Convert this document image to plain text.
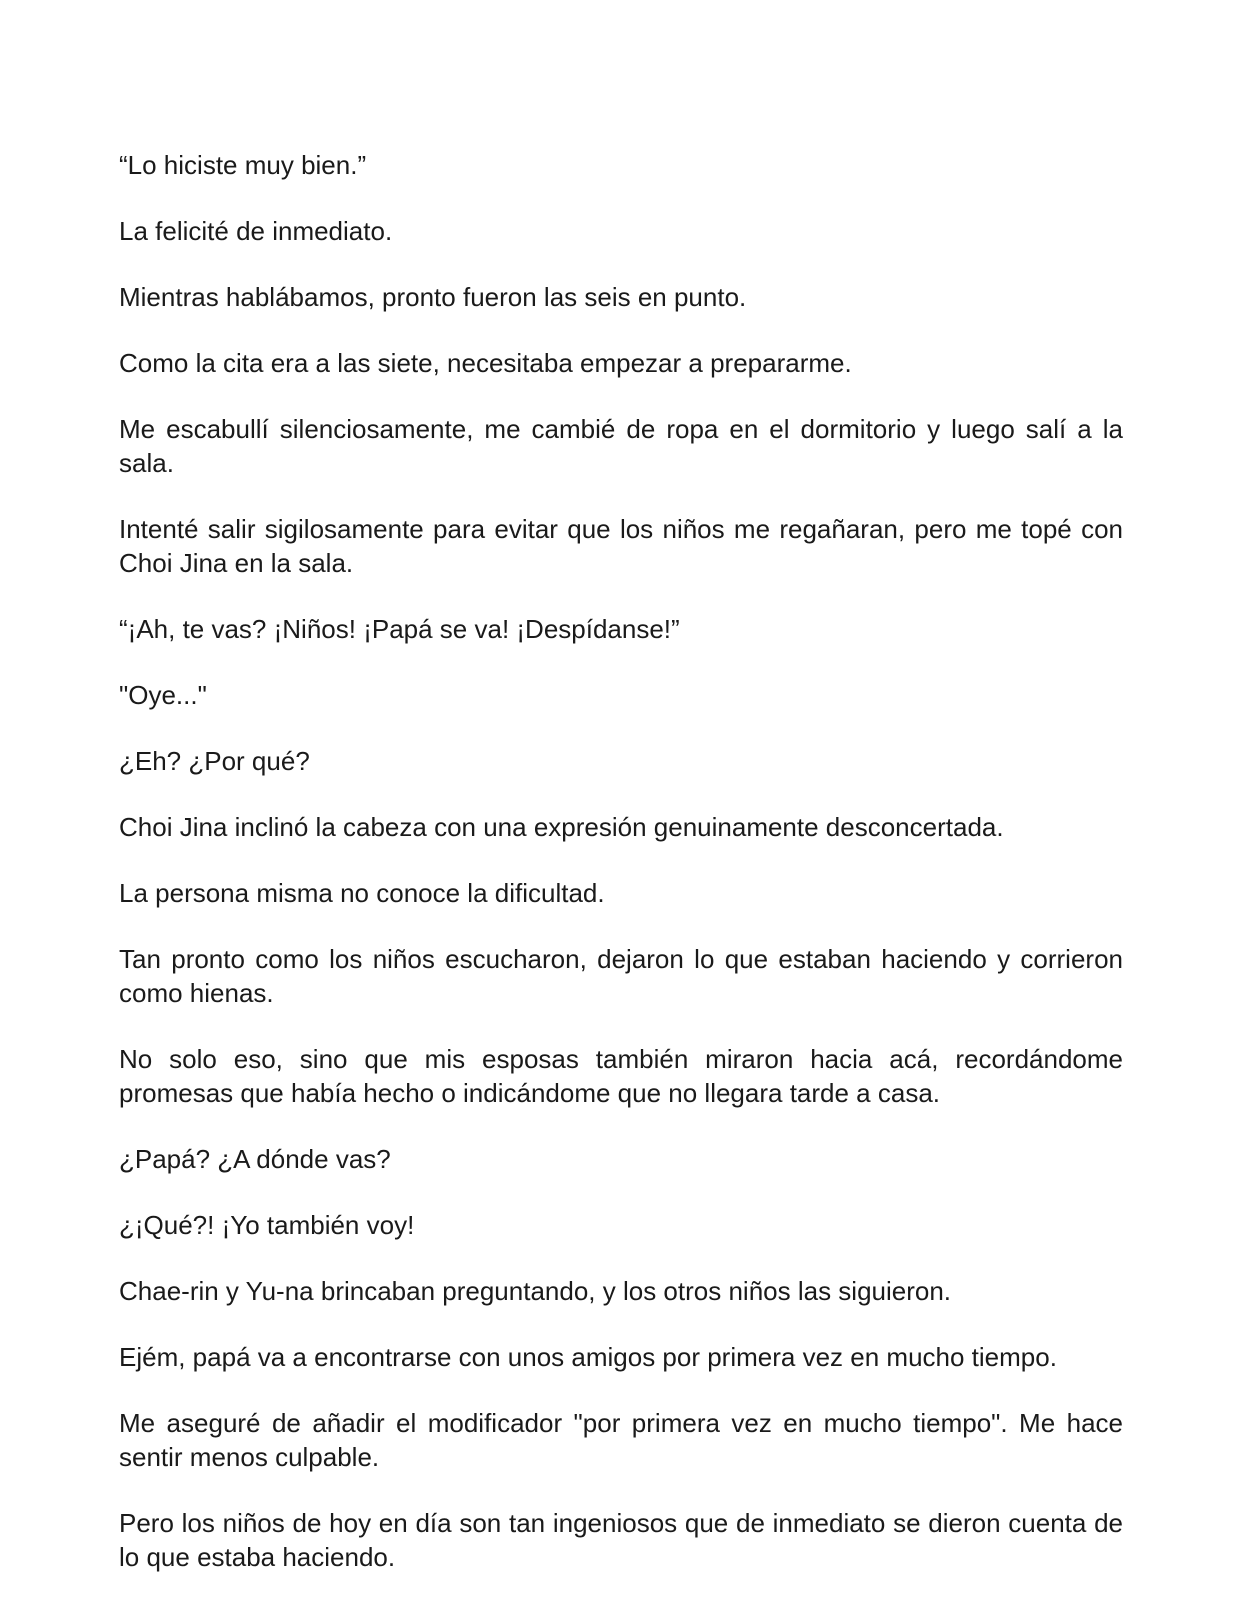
“Lo hiciste muy bien.”

La felicité de inmediato.

Mientras hablábamos, pronto fueron las seis en punto.

Como la cita era a las siete, necesitaba empezar a prepararme.

Me escabullí silenciosamente, me cambié de ropa en el dormitorio y luego salí a la sala.

Intenté salir sigilosamente para evitar que los niños me regañaran, pero me topé con Choi Jina en la sala.

“¡Ah, te vas? ¡Niños! ¡Papá se va! ¡Despídanse!”

"Oye..."

¿Eh? ¿Por qué?

Choi Jina inclinó la cabeza con una expresión genuinamente desconcertada.

La persona misma no conoce la dificultad.

Tan pronto como los niños escucharon, dejaron lo que estaban haciendo y corrieron como hienas.

No solo eso, sino que mis esposas también miraron hacia acá, recordándome promesas que había hecho o indicándome que no llegara tarde a casa.

¿Papá? ¿A dónde vas?

¿¡Qué?! ¡Yo también voy!

Chae-rin y Yu-na brincaban preguntando, y los otros niños las siguieron.

Ejém, papá va a encontrarse con unos amigos por primera vez en mucho tiempo.

Me aseguré de añadir el modificador "por primera vez en mucho tiempo". Me hace sentir menos culpable.

Pero los niños de hoy en día son tan ingeniosos que de inmediato se dieron cuenta de lo que estaba haciendo.
